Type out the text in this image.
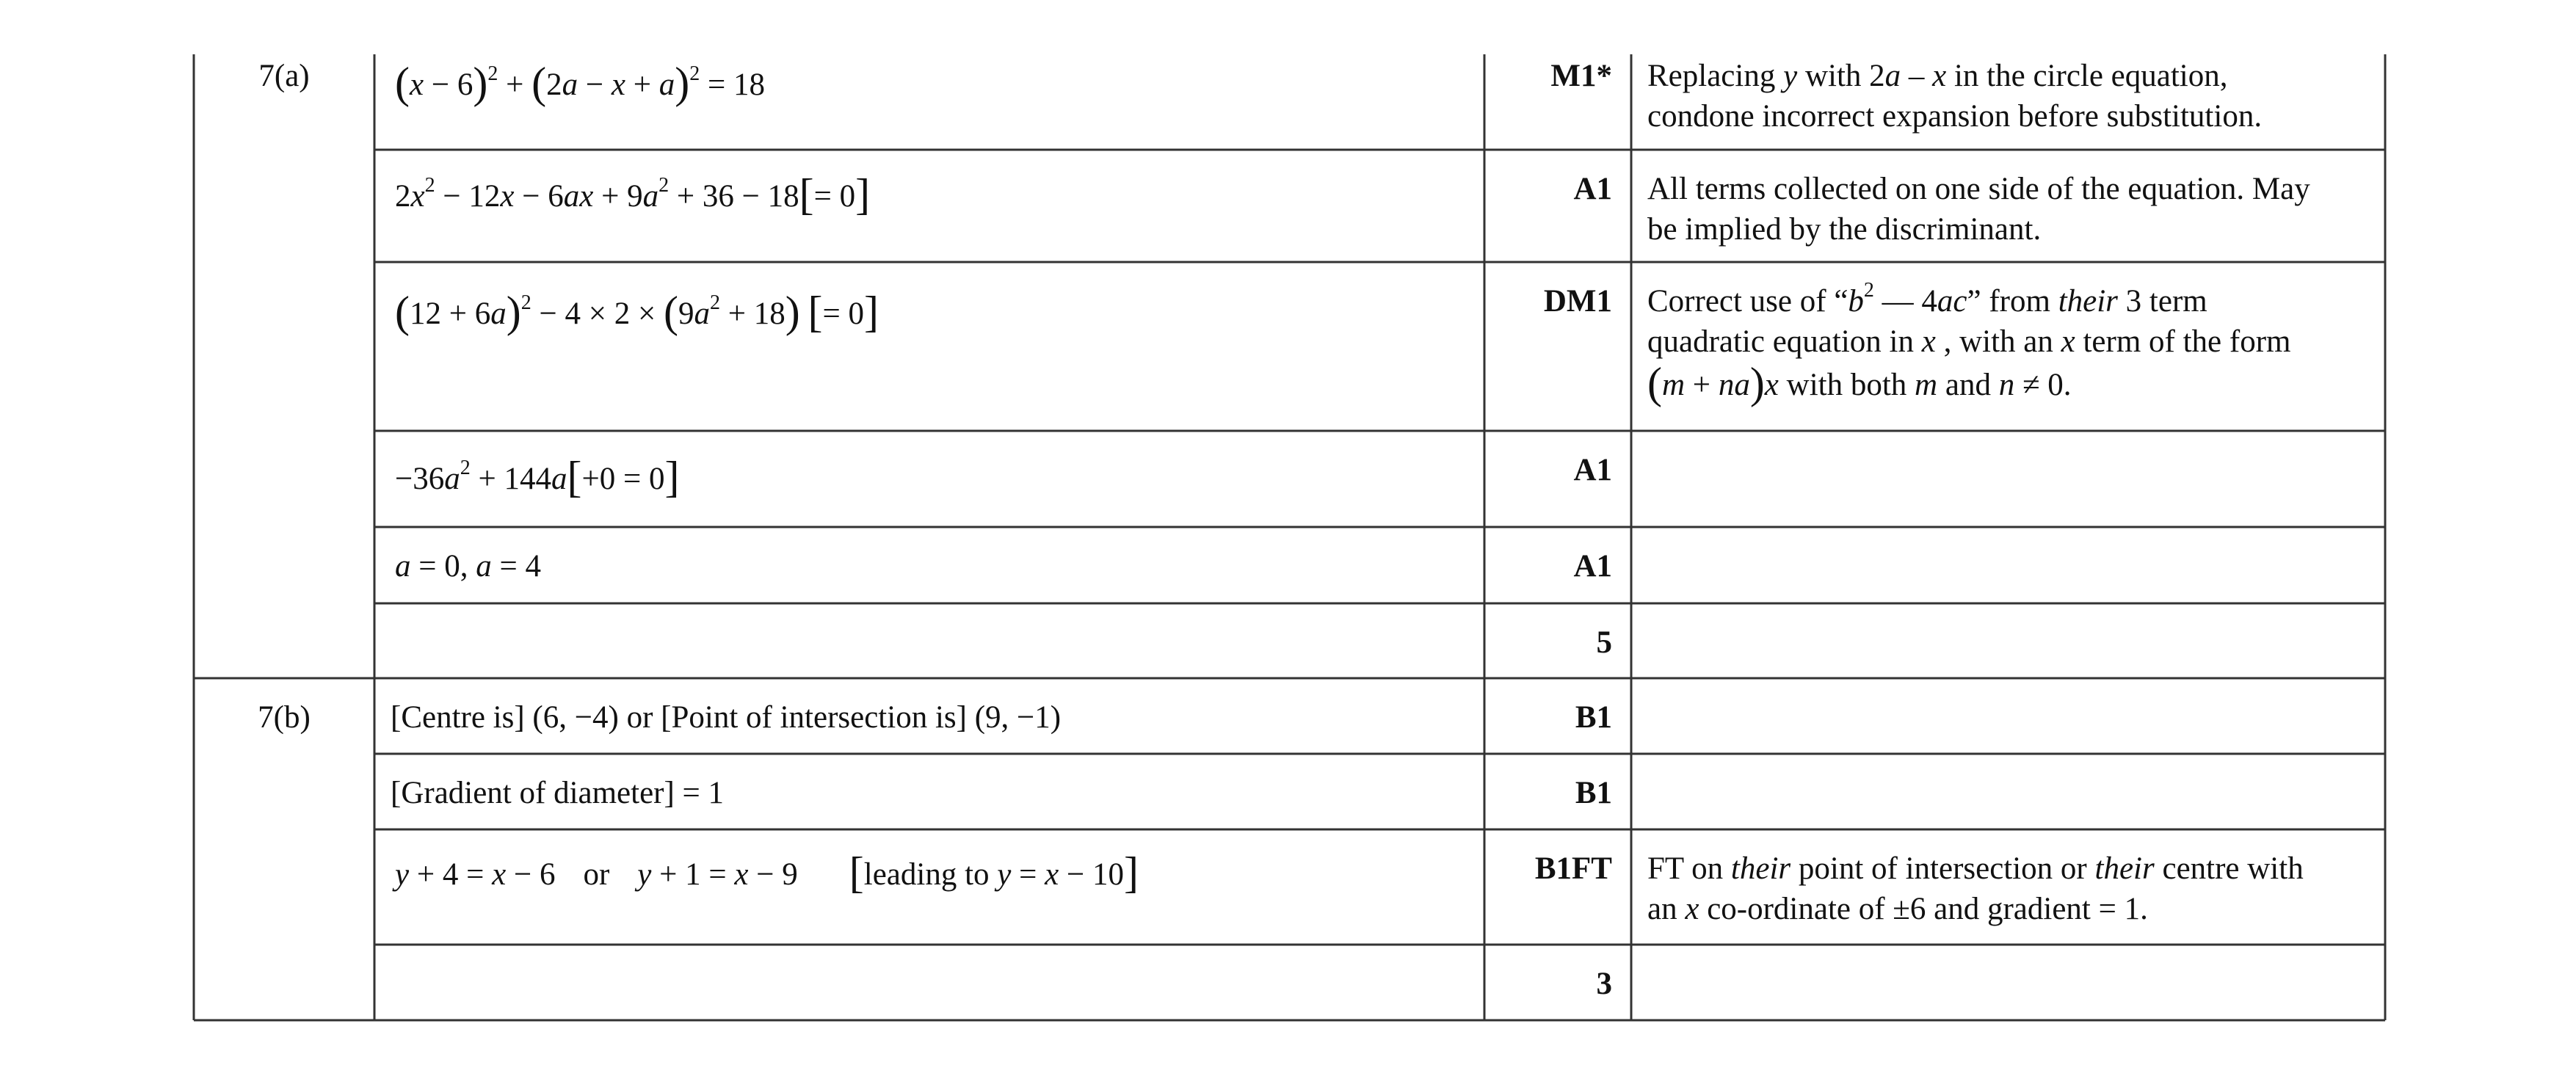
7(a)	$(x - 6)^2 + (2a - x + a)^2 = 18$	M1*	Replacing y with 2a – x in the circle equation,
condone incorrect expansion before substitution.
$2x^2 - 12x - 6ax + 9a^2 + 36 - 18[= 0]$	A1	All terms collected on one side of the equation. May
be implied by the discriminant.
$(12 + 6a)^2 - 4 \times 2 \times (9a^2 + 18)$ [= 0]	DM1	Correct use of “$b^2$ — 4ac” from their 3 term
quadratic equation in x , with an x term of the form
(m + na)x with both m and n ≠ 0.
$-36a^2 + 144a[+0 = 0]$	A1
a = 0, a = 4	A1
5
7(b)	[Centre is] (6, −4) or [Point of intersection is] (9, −1)	B1
[Gradient of diameter] = 1	B1
y + 4 = x − 6 or y + 1 = x − 9 [leading to y = x − 10]	B1FT	FT on their point of intersection or their centre with
an x co-ordinate of ±6 and gradient = 1.
3
